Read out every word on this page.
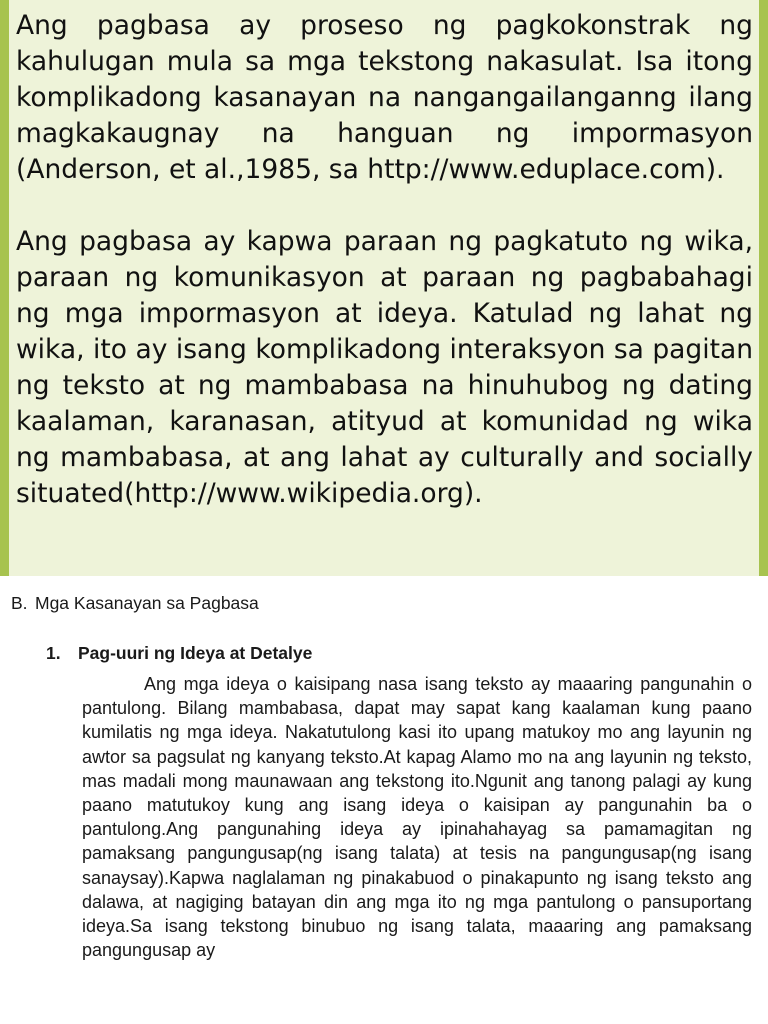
Ang pagbasa ay proseso ng pagkokonstrak ng kahulugan mula sa mga tekstong nakasulat. Isa itong komplikadong kasanayan na nangangailanganng ilang magkakaugnay na hanguan ng impormasyon (Anderson, et al.,1985, sa http://www.eduplace.com).

Ang pagbasa ay kapwa paraan ng pagkatuto ng wika, paraan ng komunikasyon at paraan ng pagbabahagi ng mga impormasyon at ideya. Katulad ng lahat ng wika, ito ay isang komplikadong interaksyon sa pagitan ng teksto at ng mambabasa na hinuhubog ng dating kaalaman, karanasan, atityud at komunidad ng wika ng mambabasa, at ang lahat ay culturally and socially situated(http://www.wikipedia.org).

B. Mga Kasanayan sa Pagbasa
1. Pag-uuri ng Ideya at Detalye

Ang mga ideya o kaisipang nasa isang teksto ay maaaring pangunahin o pantulong. Bilang mambabasa, dapat may sapat kang kaalaman kung paano kumilatis ng mga ideya. Nakatutulong kasi ito upang matukoy mo ang layunin ng awtor sa pagsulat ng kanyang teksto.At kapag Alamo mo na ang layunin ng teksto, mas madali mong maunawaan ang tekstong ito.Ngunit ang tanong palagi ay kung paano matutukoy kung ang isang ideya o kaisipan ay pangunahin ba o pantulong.Ang pangunahing ideya ay ipinahahayag sa pamamagitan ng pamaksang pangungusap(ng isang talata) at tesis na pangungusap(ng isang sanaysay).Kapwa naglalaman ng pinakabuod o pinakapunto ng isang teksto ang dalawa, at nagiging batayan din ang mga ito ng mga pantulong o pansuportang ideya.Sa isang tekstong binubuo ng isang talata, maaaring ang pamaksang pangungusap ay
